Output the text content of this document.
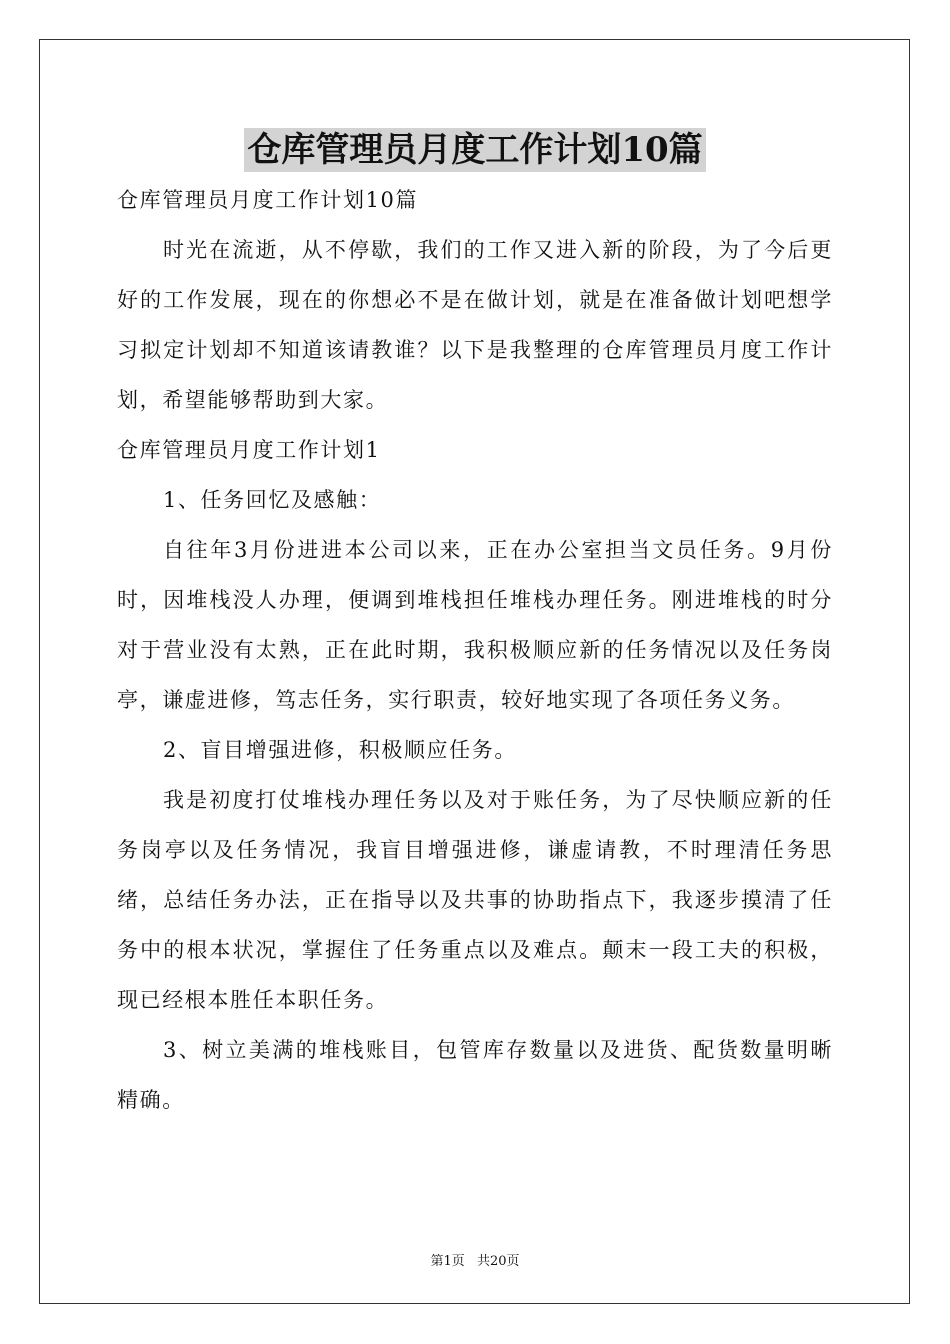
仓库管理员月度工作计划10篇

仓库管理员月度工作计划10篇

时光在流逝，从不停歇，我们的工作又进入新的阶段，为了今后更好的工作发展，现在的你想必不是在做计划，就是在准备做计划吧想学习拟定计划却不知道该请教谁？以下是我整理的仓库管理员月度工作计划，希望能够帮助到大家。

仓库管理员月度工作计划1

1、任务回忆及感触：

自往年3月份进进本公司以来，正在办公室担当文员任务。9月份时，因堆栈没人办理，便调到堆栈担任堆栈办理任务。刚进堆栈的时分对于营业没有太熟，正在此时期，我积极顺应新的任务情况以及任务岗亭，谦虚进修，笃志任务，实行职责，较好地实现了各项任务义务。

2、盲目增强进修，积极顺应任务。

我是初度打仗堆栈办理任务以及对于账任务，为了尽快顺应新的任务岗亭以及任务情况，我盲目增强进修，谦虚请教，不时理清任务思绪，总结任务办法，正在指导以及共事的协助指点下，我逐步摸清了任务中的根本状况，掌握住了任务重点以及难点。颠末一段工夫的积极，现已经根本胜任本职任务。

3、树立美满的堆栈账目，包管库存数量以及进货、配货数量明晰精确。

第1页 共20页
